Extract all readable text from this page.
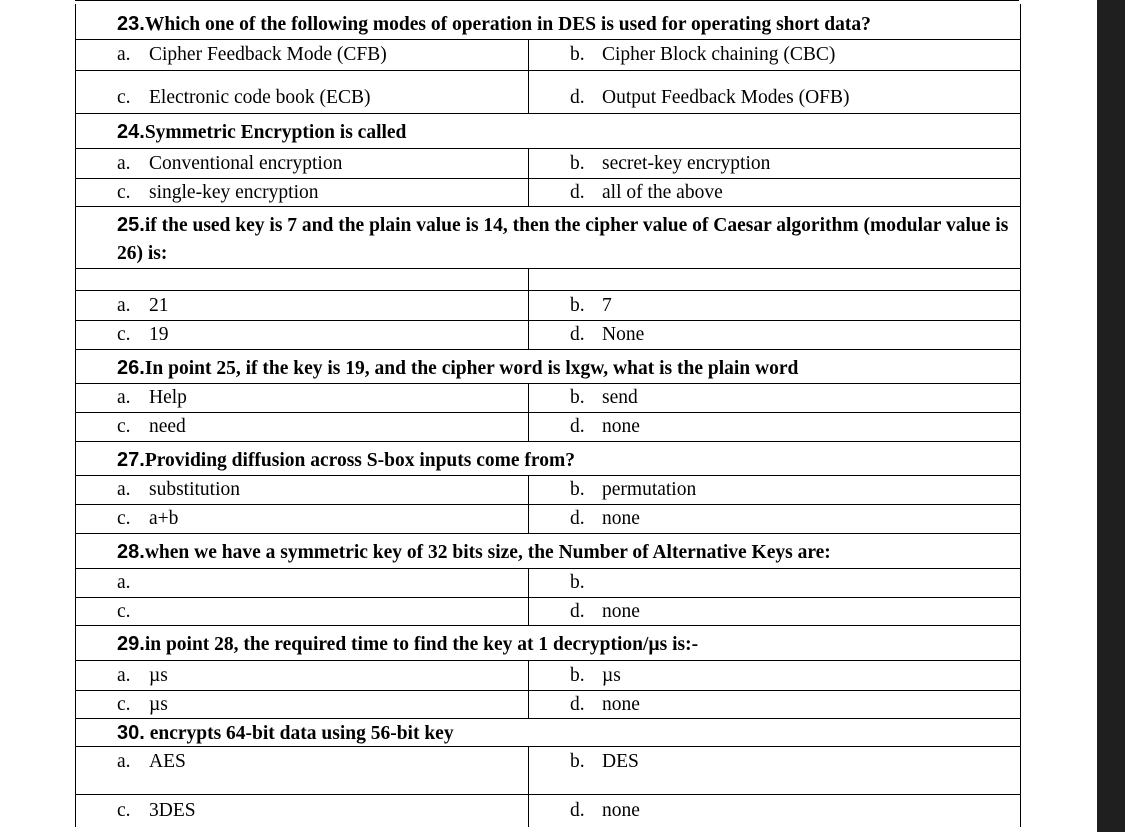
23.Which one of the following modes of operation in DES is used for operating short data?
a. Cipher Feedback Mode (CFB)	b. Cipher Block chaining (CBC)
c. Electronic code book (ECB)	d. Output Feedback Modes (OFB)
24.Symmetric Encryption is called
a. Conventional encryption	b. secret-key encryption
c. single-key encryption	d. all of the above
25.if the used key is 7 and the plain value is 14, then the cipher value of Caesar algorithm (modular value is 26) is:
a. 21	b. 7
c. 19	d. None
26.In point 25, if the key is 19, and the cipher word is lxgw, what is the plain word
a. Help	b. send
c. need	d. none
27.Providing diffusion across S-box inputs come from?
a. substitution	b. permutation
c. a+b	d. none
28.when we have a symmetric key of 32 bits size, the Number of Alternative Keys are:
a.	b.
c.	d. none
29.in point 28, the required time to find the key at 1 decryption/µs is:-
a. µs	b. µs
c. µs	d. none
30. encrypts 64-bit data using 56-bit key
a. AES	b. DES
c. 3DES	d. none
